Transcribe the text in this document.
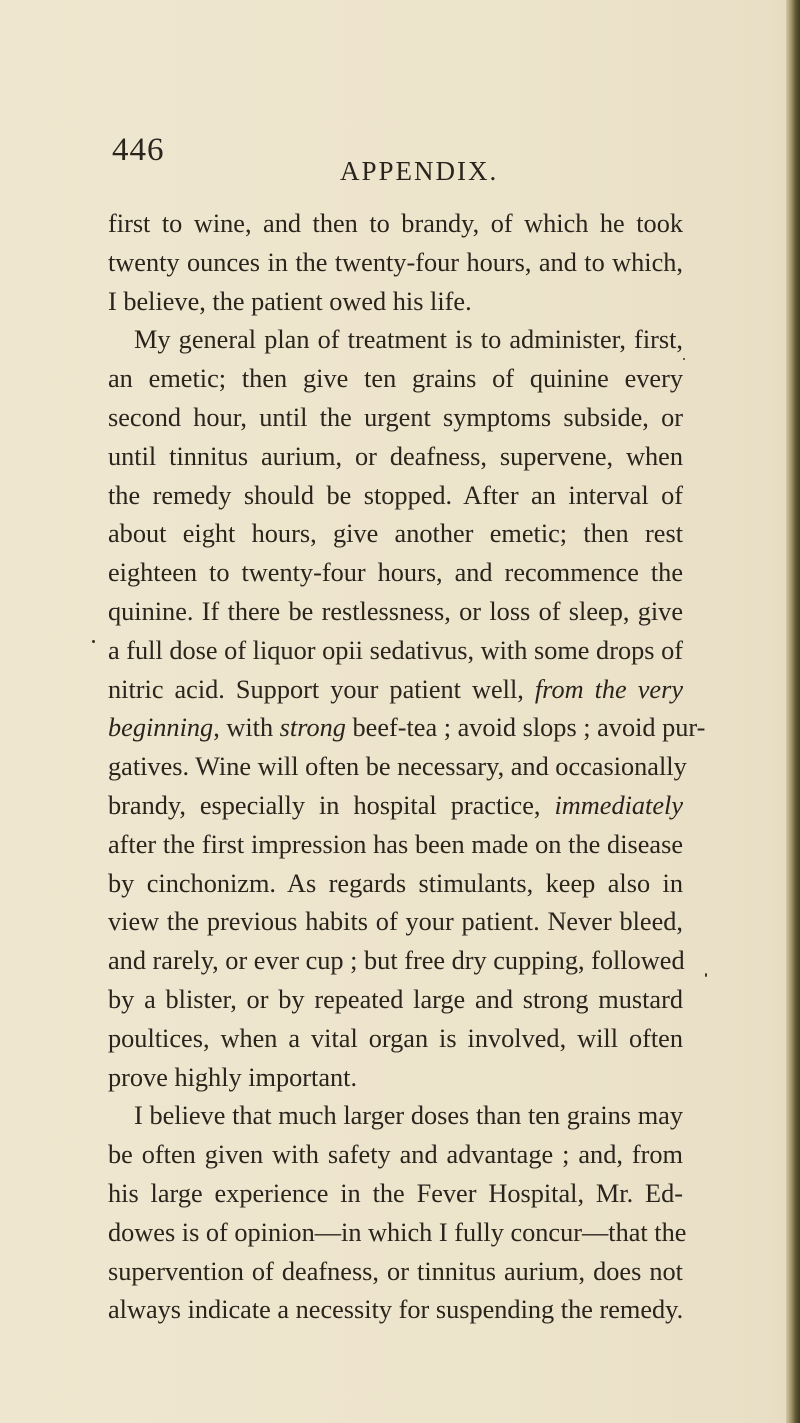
446
APPENDIX.
first to wine, and then to brandy, of which he took
twenty ounces in the twenty-four hours, and to which,
I believe, the patient owed his life.
My general plan of treatment is to administer, first,
an emetic; then give ten grains of quinine every
second hour, until the urgent symptoms subside, or
until tinnitus aurium, or deafness, supervene, when
the remedy should be stopped. After an interval of
about eight hours, give another emetic; then rest
eighteen to twenty-four hours, and recommence the
quinine. If there be restlessness, or loss of sleep, give
a full dose of liquor opii sedativus, with some drops of
nitric acid. Support your patient well, from the very
beginning, with strong beef-tea ; avoid slops ; avoid pur-
gatives. Wine will often be necessary, and occasionally
brandy, especially in hospital practice, immediately
after the first impression has been made on the disease
by cinchonizm. As regards stimulants, keep also in
view the previous habits of your patient. Never bleed,
and rarely, or ever cup ; but free dry cupping, followed
by a blister, or by repeated large and strong mustard
poultices, when a vital organ is involved, will often
prove highly important.
I believe that much larger doses than ten grains may
be often given with safety and advantage ; and, from
his large experience in the Fever Hospital, Mr. Ed-
dowes is of opinion—in which I fully concur—that the
supervention of deafness, or tinnitus aurium, does not
always indicate a necessity for suspending the remedy.
